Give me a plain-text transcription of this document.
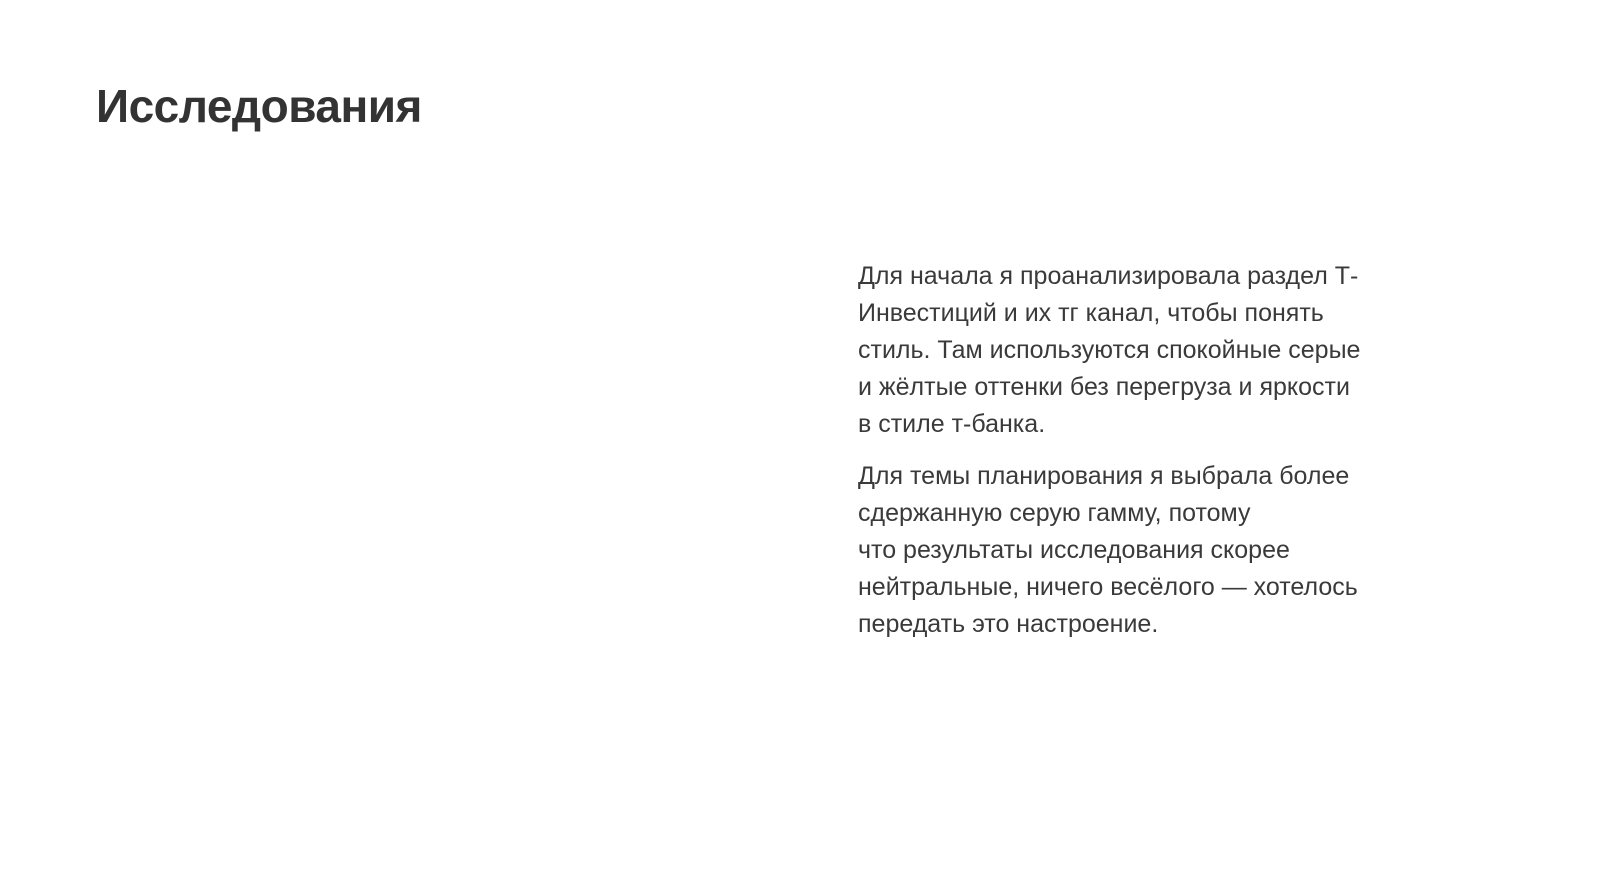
Исследования

Для начала я проанализировала раздел Т-
Инвестиций и их тг канал, чтобы понять
стиль. Там используются спокойные серые
и жёлтые оттенки без перегруза и яркости
в стиле т-банка.

Для темы планирования я выбрала более
сдержанную серую гамму, потому
что результаты исследования скорее
нейтральные, ничего весёлого — хотелось
передать это настроение.
